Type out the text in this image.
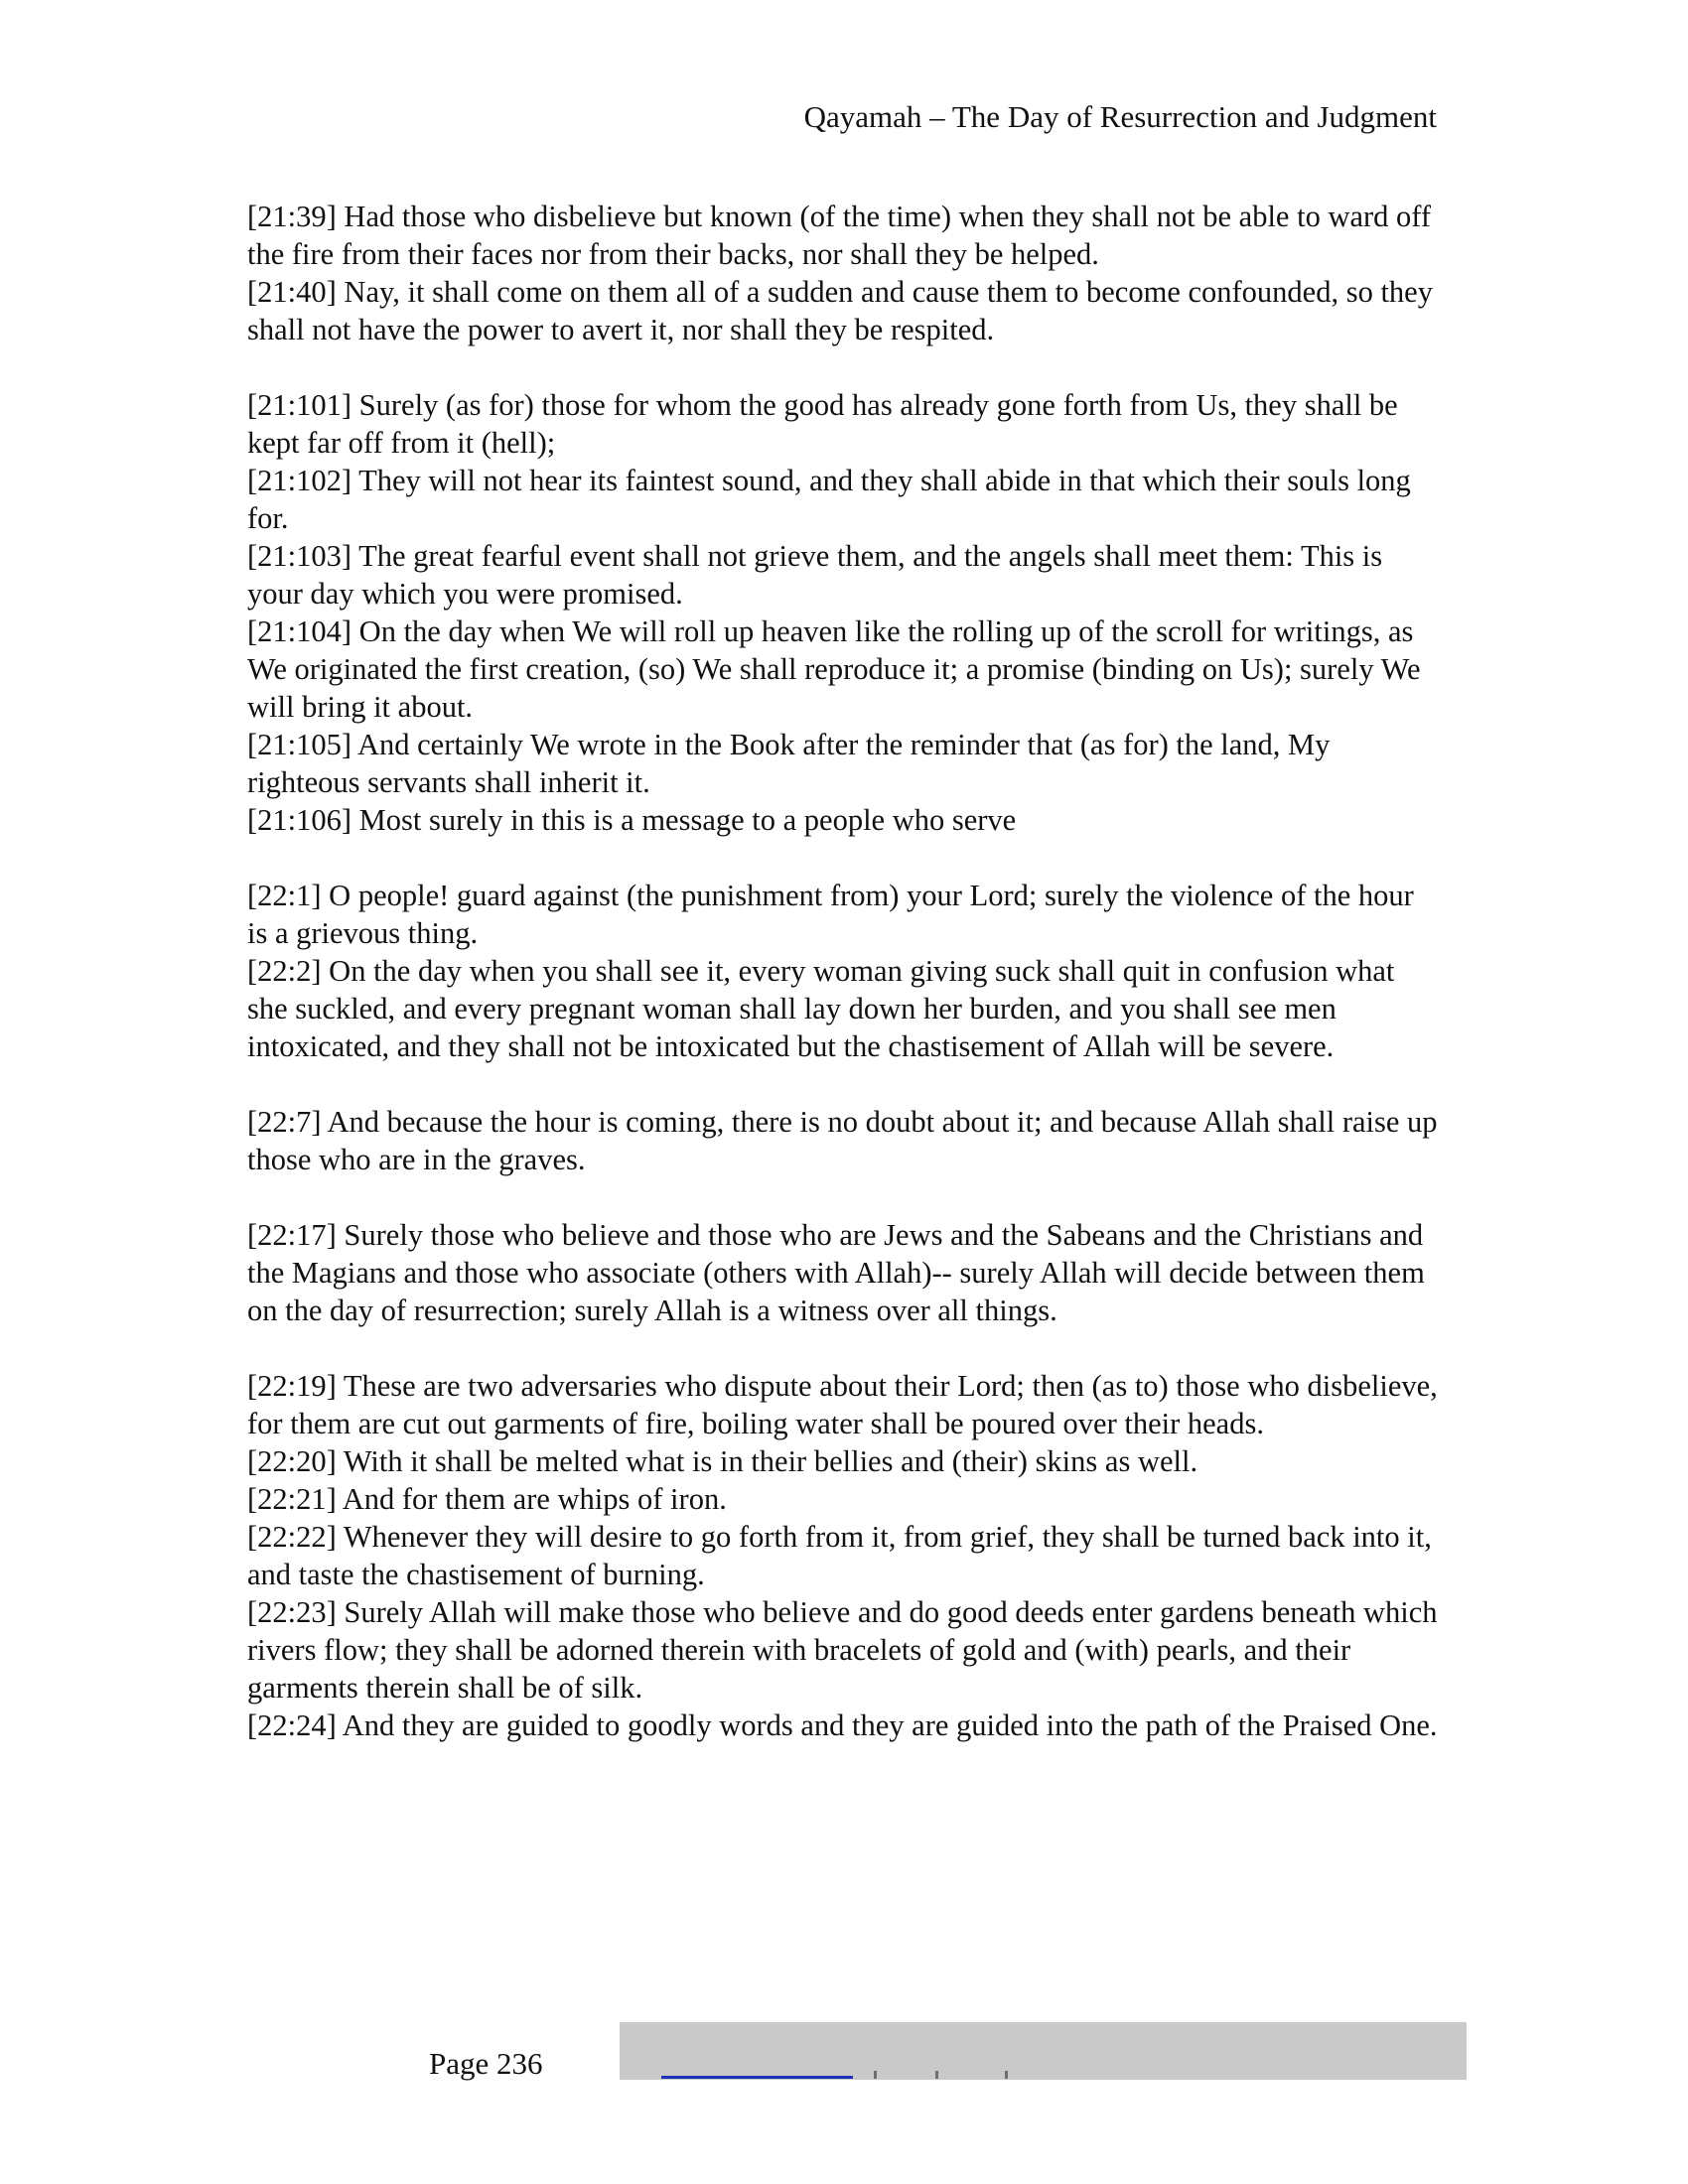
Qayamah – The Day of Resurrection and Judgment

[21:39] Had those who disbelieve but known (of the time) when they shall not be able to ward off the fire from their faces nor from their backs, nor shall they be helped.

[21:40] Nay, it shall come on them all of a sudden and cause them to become confounded, so they shall not have the power to avert it, nor shall they be respited.

[21:101] Surely (as for) those for whom the good has already gone forth from Us, they shall be kept far off from it (hell);

[21:102] They will not hear its faintest sound, and they shall abide in that which their souls long for.

[21:103] The great fearful event shall not grieve them, and the angels shall meet them: This is your day which you were promised.

[21:104] On the day when We will roll up heaven like the rolling up of the scroll for writings, as We originated the first creation, (so) We shall reproduce it; a promise (binding on Us); surely We will bring it about.

[21:105] And certainly We wrote in the Book after the reminder that (as for) the land, My righteous servants shall inherit it.

[21:106] Most surely in this is a message to a people who serve

[22:1] O people! guard against (the punishment from) your Lord; surely the violence of the hour is a grievous thing.

[22:2] On the day when you shall see it, every woman giving suck shall quit in confusion what she suckled, and every pregnant woman shall lay down her burden, and you shall see men intoxicated, and they shall not be intoxicated but the chastisement of Allah will be severe.

[22:7] And because the hour is coming, there is no doubt about it; and because Allah shall raise up those who are in the graves.

[22:17] Surely those who believe and those who are Jews and the Sabeans and the Christians and the Magians and those who associate (others with Allah)-- surely Allah will decide between them on the day of resurrection; surely Allah is a witness over all things.

[22:19] These are two adversaries who dispute about their Lord; then (as to) those who disbelieve, for them are cut out garments of fire, boiling water shall be poured over their heads.

[22:20] With it shall be melted what is in their bellies and (their) skins as well.

[22:21] And for them are whips of iron.

[22:22] Whenever they will desire to go forth from it, from grief, they shall be turned back into it, and taste the chastisement of burning.

[22:23] Surely Allah will make those who believe and do good deeds enter gardens beneath which rivers flow; they shall be adorned therein with bracelets of gold and (with) pearls, and their garments therein shall be of silk.

[22:24] And they are guided to goodly words and they are guided into the path of the Praised One.

Page 236
